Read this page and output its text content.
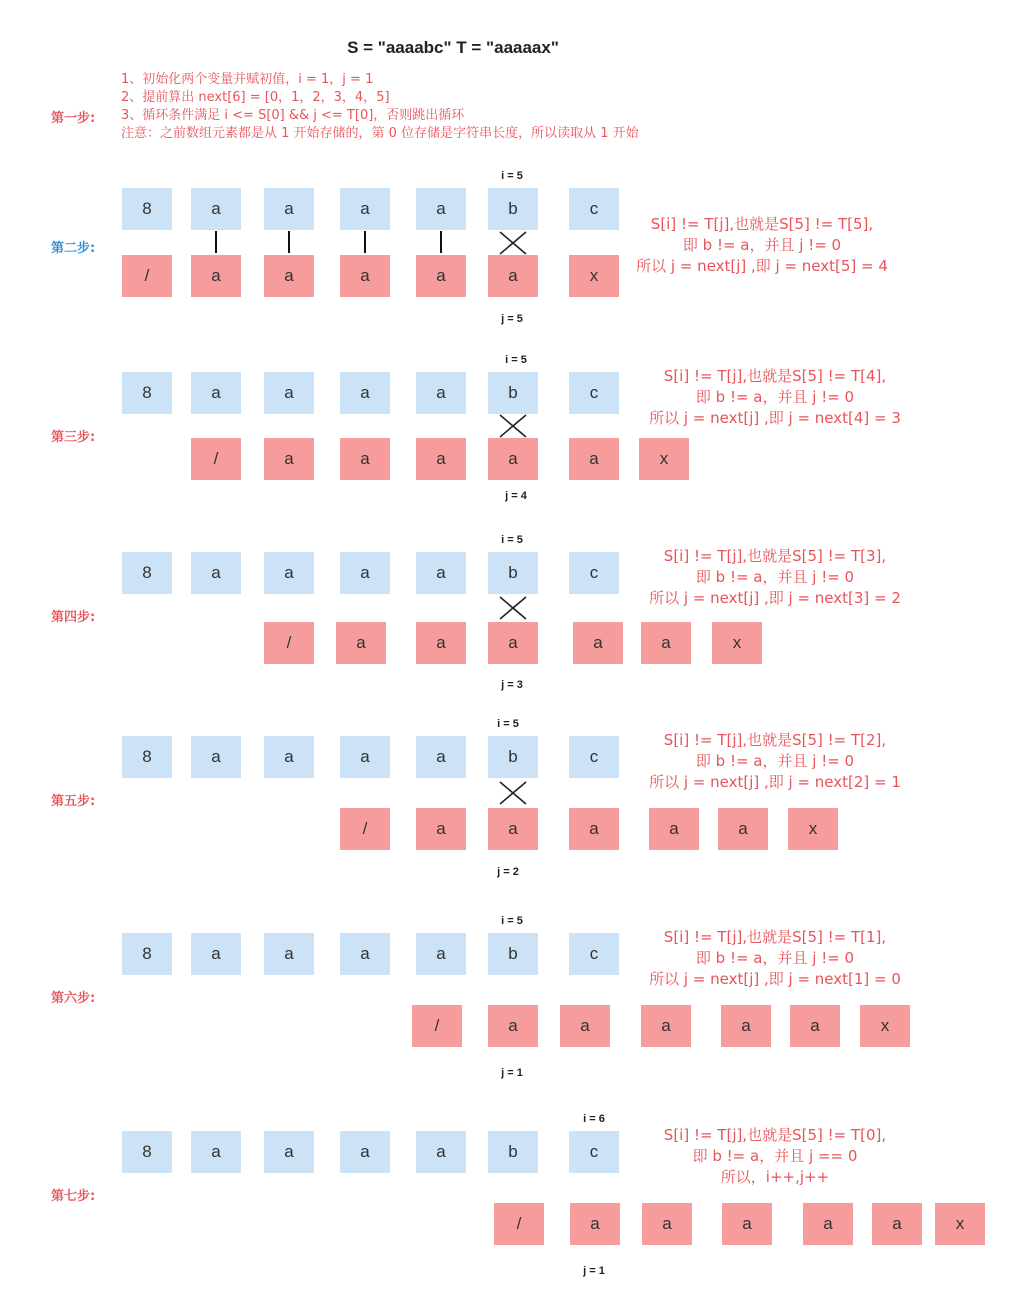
S = "aaaabc" T = "aaaaax"
第一步:
1、初始化两个变量并赋初值，i = 1，j = 1
2、提前算出 next[6] = [0，1，2，3，4，5]
3、循环条件满足 i <= S[0] && j <= T[0]，否则跳出循环
注意：之前数组元素都是从 1 开始存储的，第 0 位存储是字符串长度，所以读取从 1 开始
第二步:
8	a	a	a	a	b	c
/	a	a	a	a	a	x
i = 5
j = 5
S[i] != T[j],也就是S[5] != T[5],
即 b != a，并且 j != 0
所以 j = next[j] ,即 j = next[5] = 4
第三步:
8	a	a	a	a	b	c
/	a	a	a	a	a	x
i = 5
j = 4
S[i] != T[j],也就是S[5] != T[4],
即 b != a，并且 j != 0
所以 j = next[j] ,即 j = next[4] = 3
第四步:
8	a	a	a	a	b	c
/	a	a	a	a	a	x
i = 5
j = 3
S[i] != T[j],也就是S[5] != T[3],
即 b != a，并且 j != 0
所以 j = next[j] ,即 j = next[3] = 2
第五步:
8	a	a	a	a	b	c
/	a	a	a	a	a	x
i = 5
j = 2
S[i] != T[j],也就是S[5] != T[2],
即 b != a，并且 j != 0
所以 j = next[j] ,即 j = next[2] = 1
第六步:
8	a	a	a	a	b	c
/	a	a	a	a	a	x
i = 5
j = 1
S[i] != T[j],也就是S[5] != T[1],
即 b != a，并且 j != 0
所以 j = next[j] ,即 j = next[1] = 0
第七步:
8	a	a	a	a	b	c
/	a	a	a	a	a	x
i = 6
j = 1
S[i] != T[j],也就是S[5] != T[0],
即 b != a，并且 j == 0
所以，i++,j++
